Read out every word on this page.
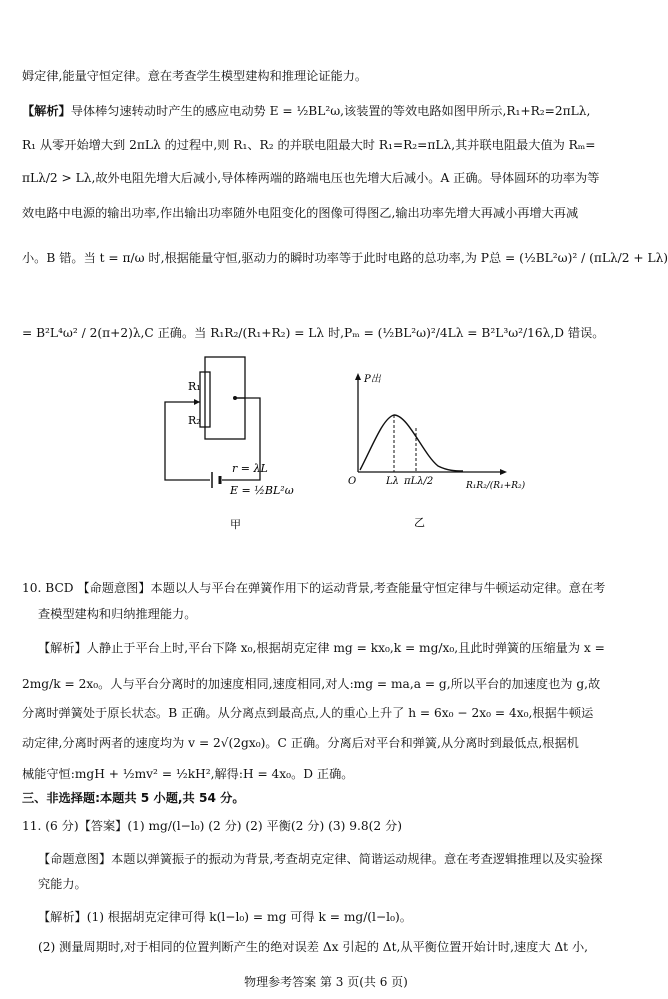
姆定律,能量守恒定律。意在考查学生模型建构和推理论证能力。
【解析】导体棒匀速转动时产生的感应电动势 E = ½BL²ω,该装置的等效电路如图甲所示,R₁+R₂=2πLλ,
R₁ 从零开始增大到 2πLλ 的过程中,则 R₁、R₂ 的并联电阻最大时 R₁=R₂=πLλ,其并联电阻最大值为 Rₘ=
πLλ/2 > Lλ,故外电阻先增大后减小,导体棒两端的路端电压也先增大后减小。A 正确。导体圆环的功率为等
效电路中电源的输出功率,作出输出功率随外电阻变化的图像可得图乙,输出功率先增大再减小再增大再减
小。B 错。当 t = π/ω 时,根据能量守恒,驱动力的瞬时功率等于此时电路的总功率,为 P总 = (½BL²ω)² / (πLλ/2 + Lλ)
= B²L⁴ω² / 2(π+2)λ,C 正确。当 R₁R₂/(R₁+R₂) = Lλ 时,Pₘ = (½BL²ω)²/4Lλ = B²L³ω²/16λ,D 错误。
R₁
R₂
r = λL
E = ½BL²ω
甲
P出
O	Lλ πLλ/2	R₁R₂/(R₁+R₂)
乙
10. BCD 【命题意图】本题以人与平台在弹簧作用下的运动背景,考查能量守恒定律与牛顿运动定律。意在考
查模型建构和归纳推理能力。
【解析】人静止于平台上时,平台下降 x₀,根据胡克定律 mg = kx₀,k = mg/x₀,且此时弹簧的压缩量为 x =
2mg/k = 2x₀。人与平台分离时的加速度相同,速度相同,对人:mg = ma,a = g,所以平台的加速度也为 g,故
分离时弹簧处于原长状态。B 正确。从分离点到最高点,人的重心上升了 h = 6x₀ − 2x₀ = 4x₀,根据牛顿运
动定律,分离时两者的速度均为 v = 2√(2gx₀)。C 正确。分离后对平台和弹簧,从分离时到最低点,根据机
械能守恒:mgH + ½mv² = ½kH²,解得:H = 4x₀。D 正确。
三、非选择题:本题共 5 小题,共 54 分。
11. (6 分)【答案】(1) mg/(l−l₀) (2 分) (2) 平衡(2 分) (3) 9.8(2 分)
【命题意图】本题以弹簧振子的振动为背景,考查胡克定律、简谐运动规律。意在考查逻辑推理以及实验探
究能力。
【解析】(1) 根据胡克定律可得 k(l−l₀) = mg 可得 k = mg/(l−l₀)。
(2) 测量周期时,对于相同的位置判断产生的绝对误差 Δx 引起的 Δt,从平衡位置开始计时,速度大 Δt 小,
物理参考答案 第 3 页(共 6 页)
